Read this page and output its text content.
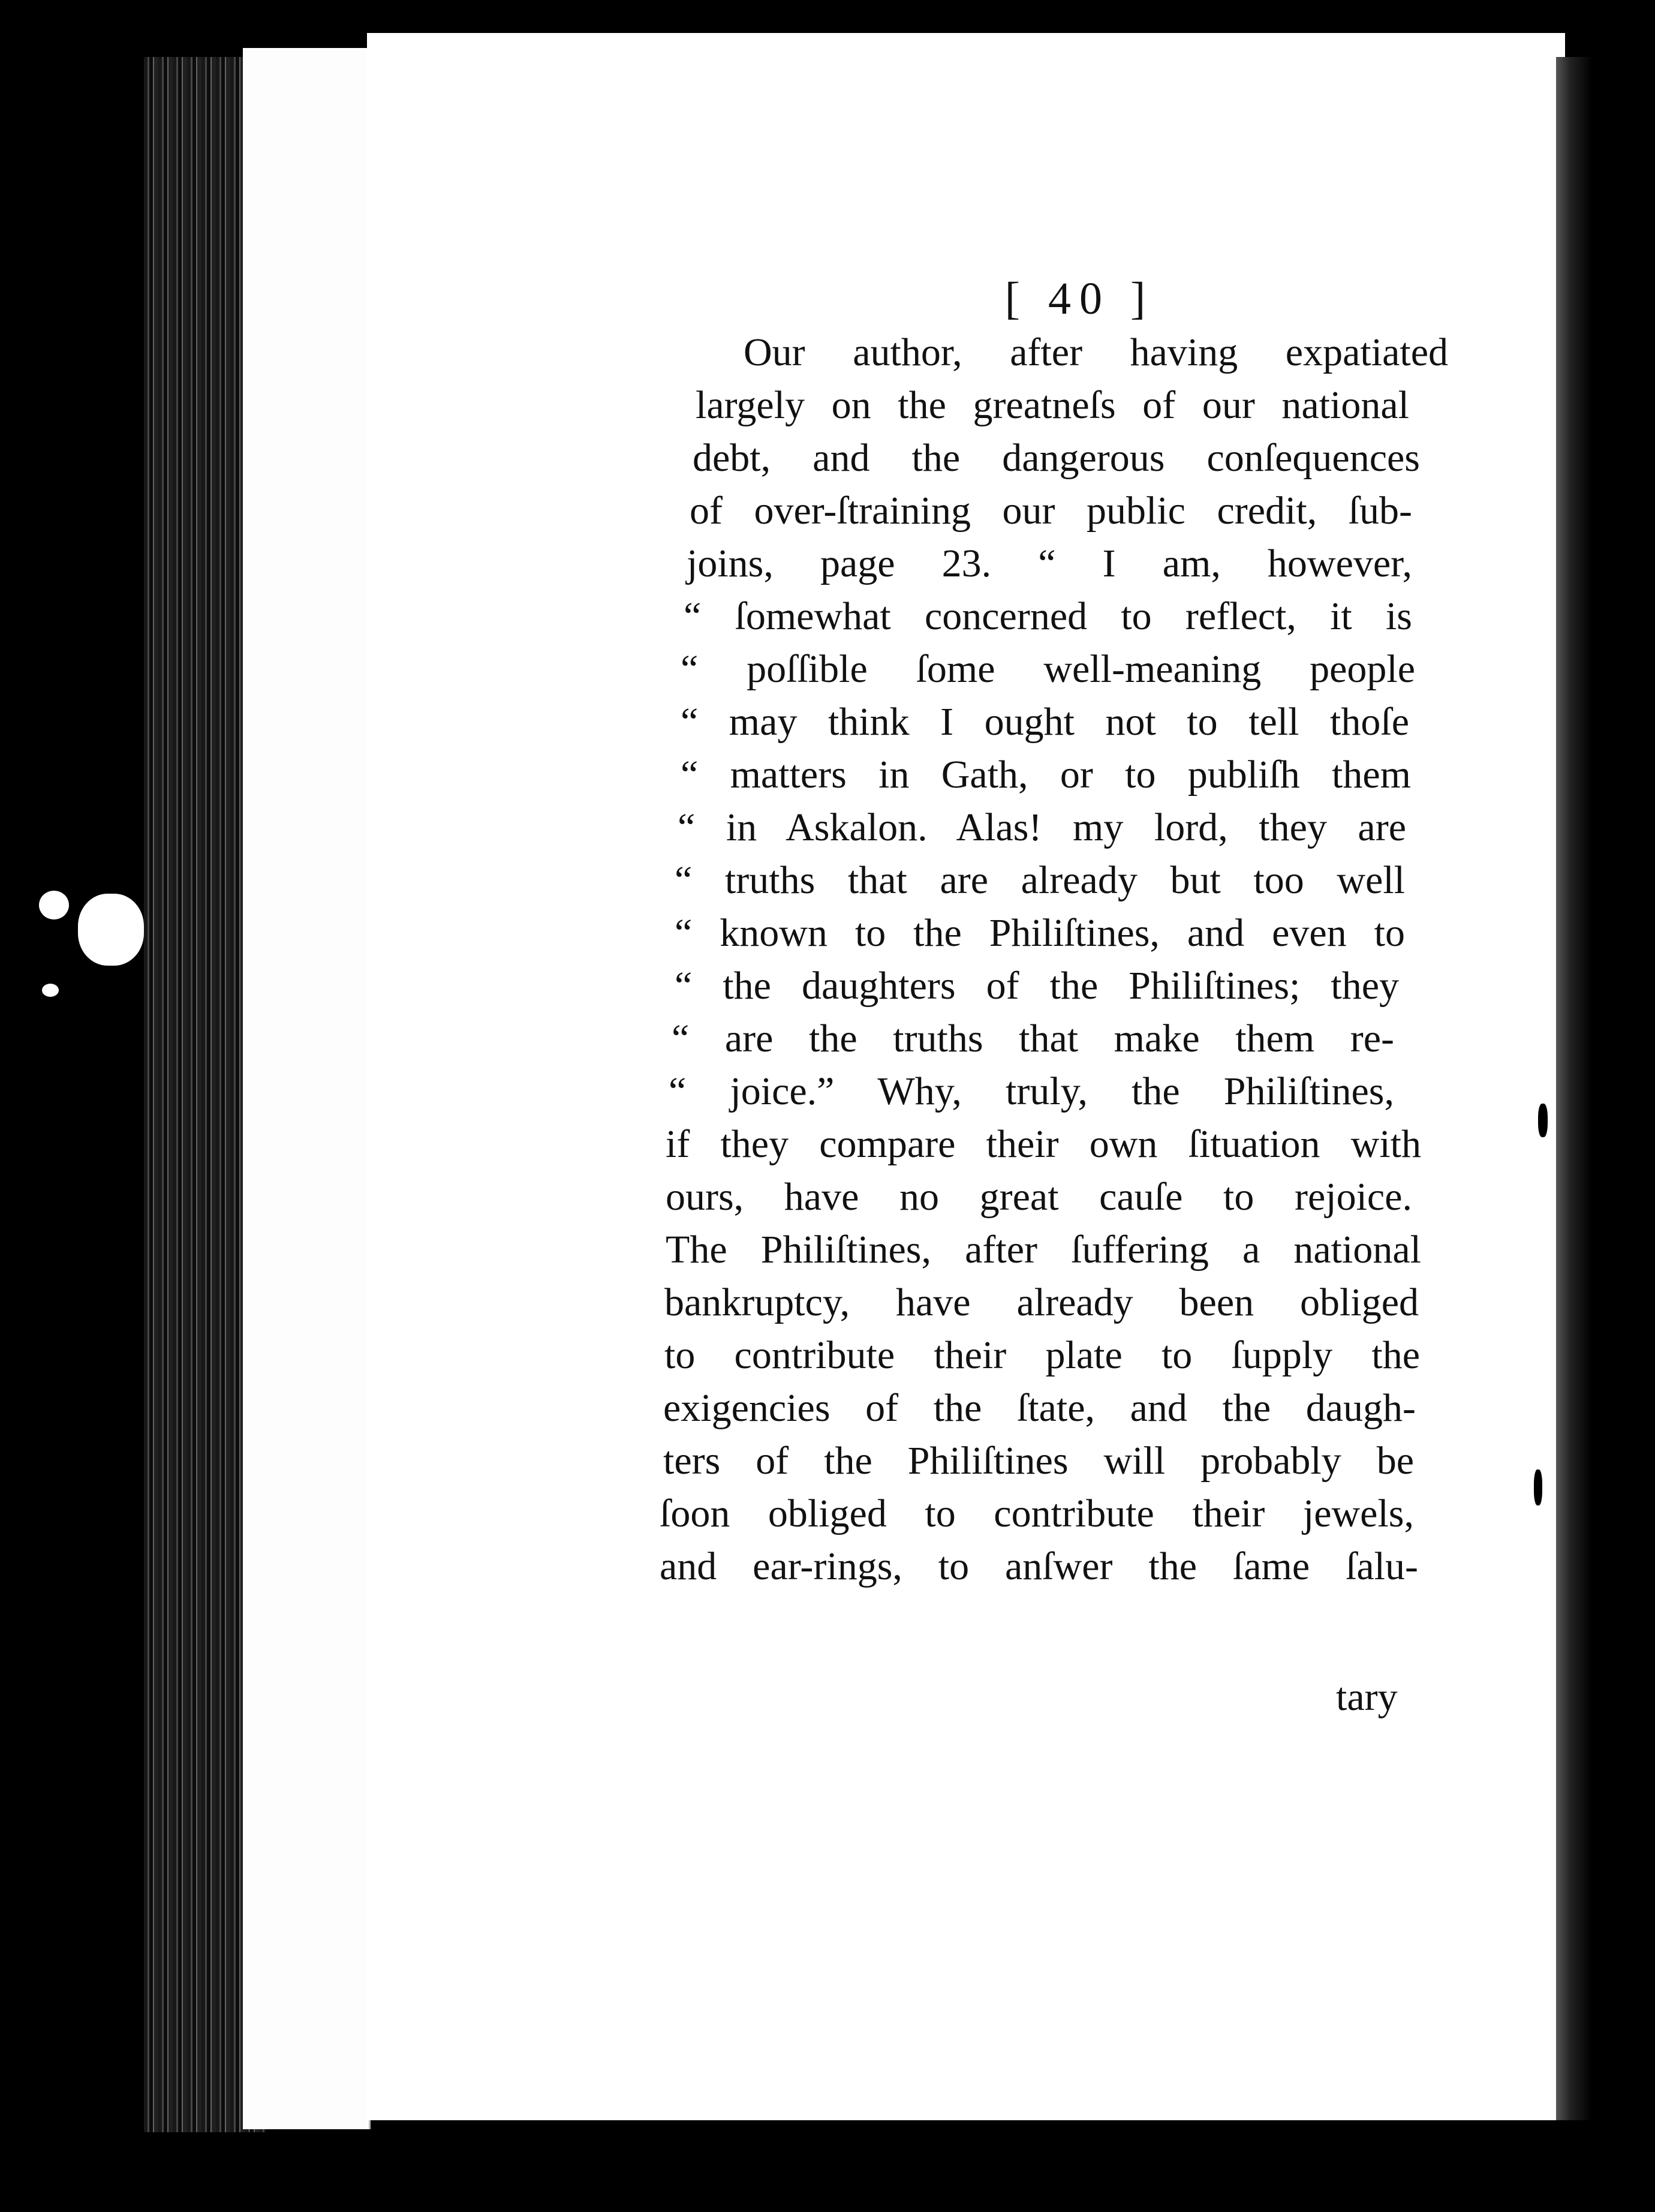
[ 40 ]
Our author, after having expatiated
largely on the greatneſs of our national
debt, and the dangerous conſequences
of over-ſtraining our public credit, ſub-
joins, page 23. “ I am, however,
“ ſomewhat concerned to reflect, it is
“ poſſible ſome well-meaning people
“ may think I ought not to tell thoſe
“ matters in Gath, or to publiſh them
“ in Askalon. Alas! my lord, they are
“ truths that are already but too well
“ known to the Philiſtines, and even to
“ the daughters of the Philiſtines; they
“ are the truths that make them re-
“ joice.” Why, truly, the Philiſtines,
if they compare their own ſituation with
ours, have no great cauſe to rejoice.
The Philiſtines, after ſuffering a national
bankruptcy, have already been obliged
to contribute their plate to ſupply the
exigencies of the ſtate, and the daugh-
ters of the Philiſtines will probably be
ſoon obliged to contribute their jewels,
and ear-rings, to anſwer the ſame ſalu-
tary
